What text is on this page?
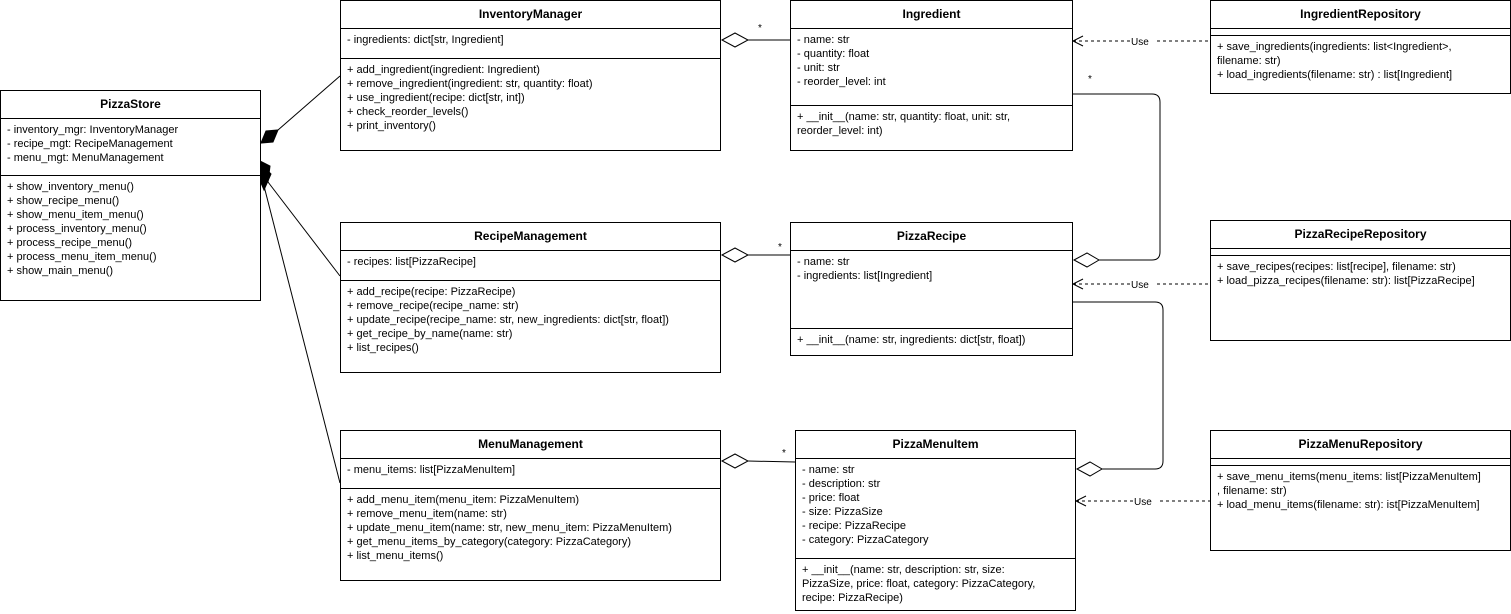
*
*
*
*
Use
Use
Use
PizzaStore
- inventory_mgr: InventoryManager
- recipe_mgt: RecipeManagement
- menu_mgt: MenuManagement
+ show_inventory_menu()
+ show_recipe_menu()
+ show_menu_item_menu()
+ process_inventory_menu()
+ process_recipe_menu()
+ process_menu_item_menu()
+ show_main_menu()
InventoryManager
- ingredients: dict[str, Ingredient]
+ add_ingredient(ingredient: Ingredient)
+ remove_ingredient(ingredient: str, quantity: float)
+ use_ingredient(recipe: dict[str, int])
+ check_reorder_levels()
+ print_inventory()
Ingredient
- name: str
- quantity: float
- unit: str
- reorder_level: int
+ __init__(name: str, quantity: float, unit: str,
reorder_level: int)
IngredientRepository
+ save_ingredients(ingredients: list<Ingredient>,
filename: str)
+ load_ingredients(filename: str) : list[Ingredient]
RecipeManagement
- recipes: list[PizzaRecipe]
+ add_recipe(recipe: PizzaRecipe)
+ remove_recipe(recipe_name: str)
+ update_recipe(recipe_name: str, new_ingredients: dict[str, float])
+ get_recipe_by_name(name: str)
+ list_recipes()
PizzaRecipe
- name: str
- ingredients: list[Ingredient]
+ __init__(name: str, ingredients: dict[str, float])
PizzaRecipeRepository
+ save_recipes(recipes: list[recipe], filename: str)
+ load_pizza_recipes(filename: str): list[PizzaRecipe]
MenuManagement
- menu_items: list[PizzaMenuItem]
+ add_menu_item(menu_item: PizzaMenuItem)
+ remove_menu_item(name: str)
+ update_menu_item(name: str, new_menu_item: PizzaMenuItem)
+ get_menu_items_by_category(category: PizzaCategory)
+ list_menu_items()
PizzaMenuItem
- name: str
- description: str
- price: float
- size: PizzaSize
- recipe: PizzaRecipe
- category: PizzaCategory
+ __init__(name: str, description: str, size:
PizzaSize, price: float, category: PizzaCategory,
recipe: PizzaRecipe)
PizzaMenuRepository
+ save_menu_items(menu_items: list[PizzaMenuItem]
, filename: str)
+ load_menu_items(filename: str): ist[PizzaMenuItem]
